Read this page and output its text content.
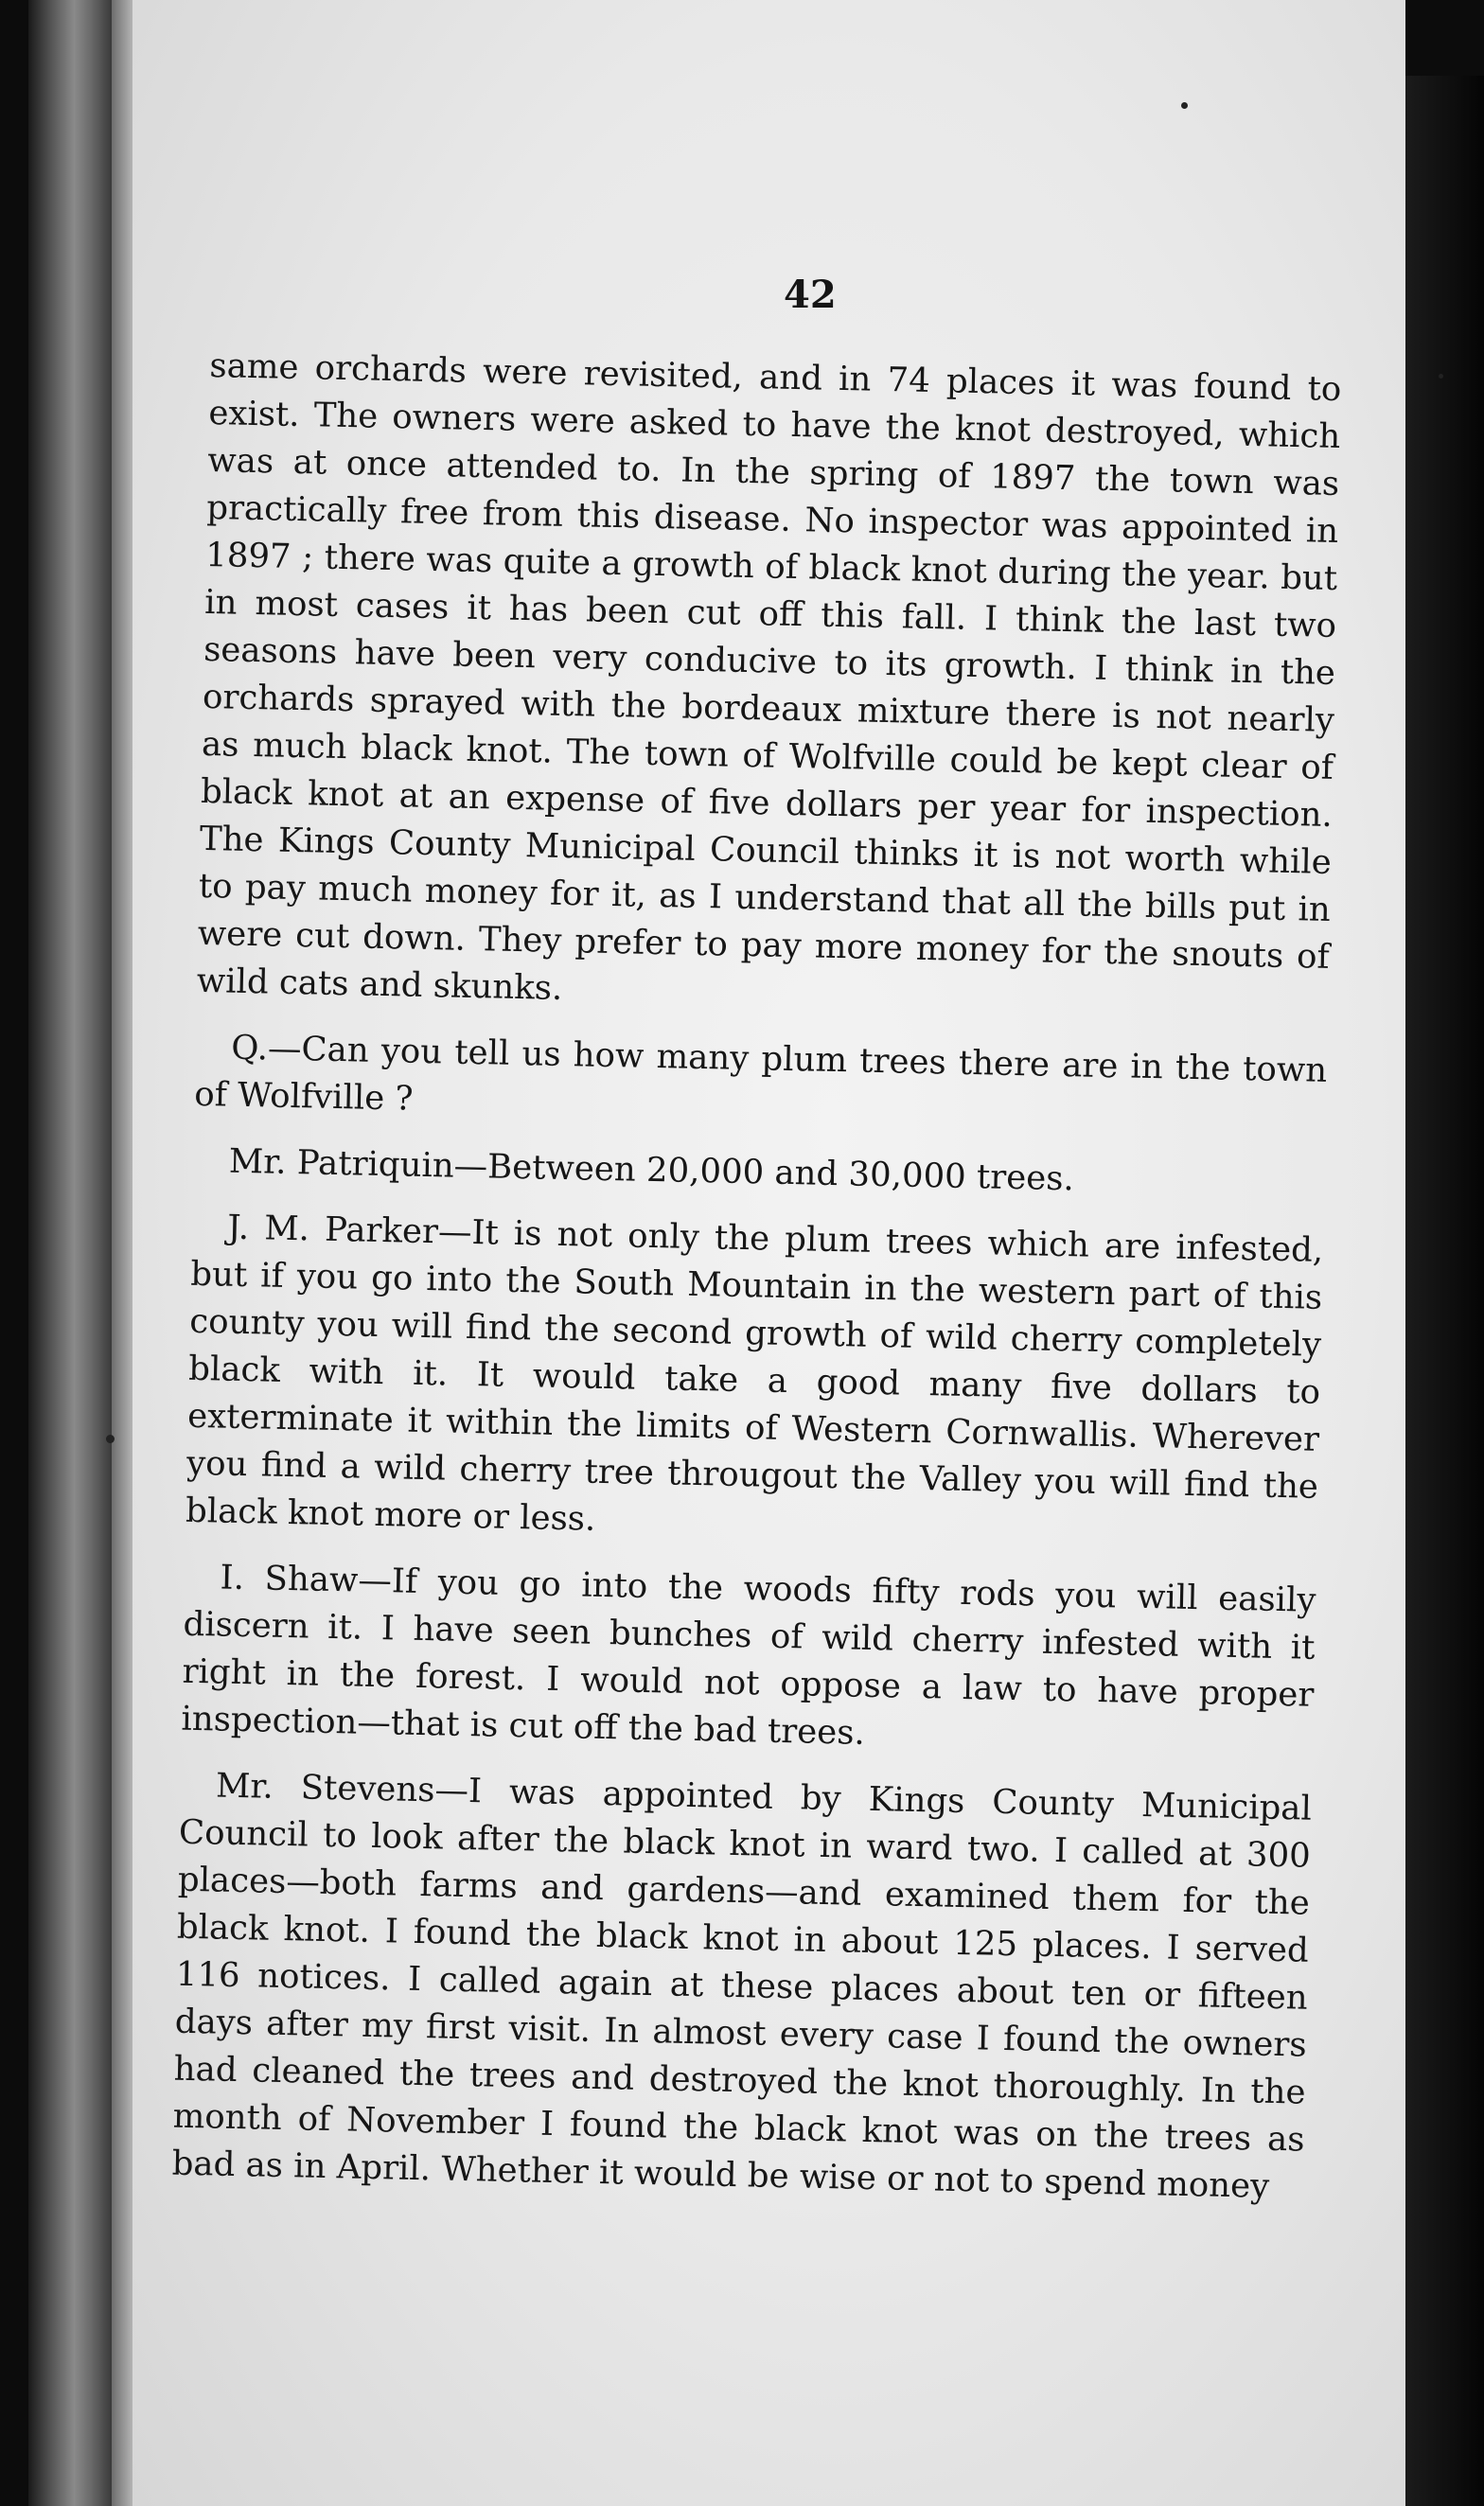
42

same orchards were revisited, and in 74 places it was found to exist. The owners were asked to have the knot destroyed, which was at once attended to. In the spring of 1897 the town was practically free from this disease. No inspector was appointed in 1897 ; there was quite a growth of black knot during the year. but in most cases it has been cut off this fall. I think the last two seasons have been very conducive to its growth. I think in the orchards sprayed with the bordeaux mixture there is not nearly as much black knot. The town of Wolfville could be kept clear of black knot at an expense of five dollars per year for inspection. The Kings County Municipal Council thinks it is not worth while to pay much money for it, as I understand that all the bills put in were cut down. They prefer to pay more money for the snouts of wild cats and skunks.

Q.—Can you tell us how many plum trees there are in the town of Wolfville ?

Mr. Patriquin—Between 20,000 and 30,000 trees.

J. M. Parker—It is not only the plum trees which are infested, but if you go into the South Mountain in the western part of this county you will find the second growth of wild cherry completely black with it. It would take a good many five dollars to exterminate it within the limits of Western Cornwallis. Wherever you find a wild cherry tree througout the Valley you will find the black knot more or less.

I. Shaw—If you go into the woods fifty rods you will easily discern it. I have seen bunches of wild cherry infested with it right in the forest. I would not oppose a law to have proper inspection—that is cut off the bad trees.

Mr. Stevens—I was appointed by Kings County Municipal Council to look after the black knot in ward two. I called at 300 places—both farms and gardens—and examined them for the black knot. I found the black knot in about 125 places. I served 116 notices. I called again at these places about ten or fifteen days after my first visit. In almost every case I found the owners had cleaned the trees and destroyed the knot thoroughly. In the month of November I found the black knot was on the trees as bad as in April. Whether it would be wise or not to spend money
